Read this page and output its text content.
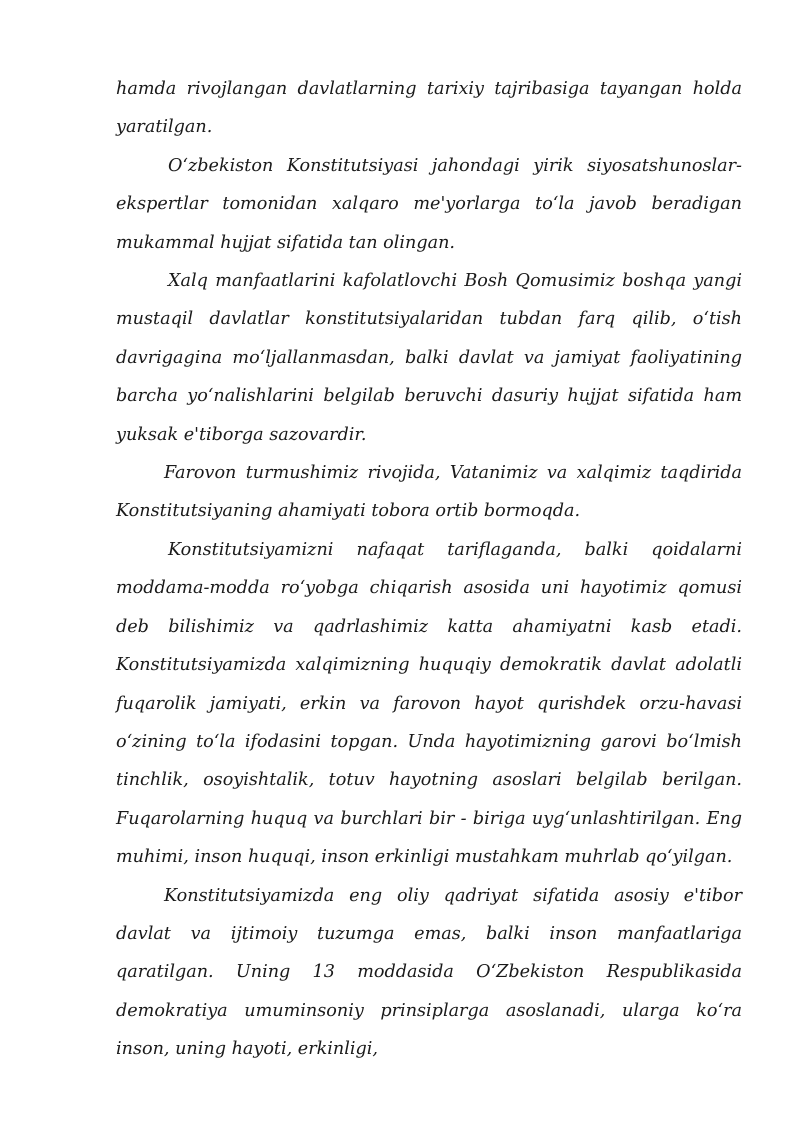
hamda rivojlangan davlatlarning tarixiy tajribasiga tayangan holda yaratilgan.

O‘zbekiston Konstitutsiyasi jahondagi yirik siyosatshunoslar-ekspertlar tomonidan xalqaro me'yorlarga to‘la javob beradigan mukammal hujjat sifatida tan olingan.

Xalq manfaatlarini kafolatlovchi Bosh Qomusimiz boshqa yangi mustaqil davlatlar konstitutsiyalaridan tubdan farq qilib, o‘tish davrigagina mo‘ljallanmasdan, balki davlat va jamiyat faoliyatining barcha yo‘nalishlarini belgilab beruvchi dasuriy hujjat sifatida ham yuksak e'tiborga sazovardir.

Farovon turmushimiz rivojida, Vatanimiz va xalqimiz taqdirida Konstitutsiyaning ahamiyati tobora ortib bormoqda.

Konstitutsiyamizni nafaqat tariflaganda, balki qoidalarni moddama-modda ro‘yobga chiqarish asosida uni hayotimiz qomusi deb bilishimiz va qadrlashimiz katta ahamiyatni kasb etadi. Konstitutsiyamizda xalqimizning huquqiy demokratik davlat adolatli fuqarolik jamiyati, erkin va farovon hayot qurishdek orzu-havasi o‘zining to‘la ifodasini topgan. Unda hayotimizning garovi bo‘lmish tinchlik, osoyishtalik, totuv hayotning asoslari belgilab berilgan. Fuqarolarning huquq va burchlari bir - biriga uyg‘unlashtirilgan. Eng muhimi, inson huquqi, inson erkinligi mustahkam muhrlab qo‘yilgan.

Konstitutsiyamizda eng oliy qadriyat sifatida asosiy e'tibor davlat va ijtimoiy tuzumga emas, balki inson manfaatlariga qaratilgan. Uning 13 moddasida O‘Zbekiston Respublikasida demokratiya umuminsoniy prinsiplarga asoslanadi, ularga ko‘ra inson, uning hayoti, erkinligi,
